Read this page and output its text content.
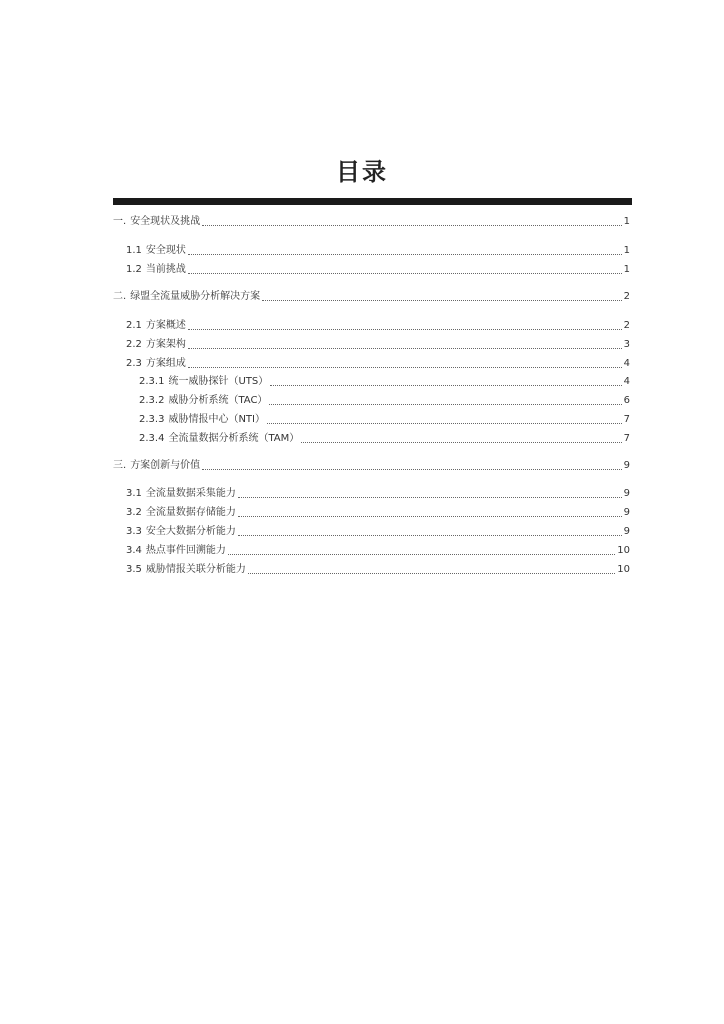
目录
一. 安全现状及挑战	1
1.1 安全现状	1
1.2 当前挑战	1
二. 绿盟全流量威胁分析解决方案	2
2.1 方案概述	2
2.2 方案架构	3
2.3 方案组成	4
2.3.1 统一威胁探针（UTS）	4
2.3.2 威胁分析系统（TAC）	6
2.3.3 威胁情报中心（NTI）	7
2.3.4 全流量数据分析系统（TAM）	7
三. 方案创新与价值	9
3.1 全流量数据采集能力	9
3.2 全流量数据存储能力	9
3.3 安全大数据分析能力	9
3.4 热点事件回溯能力	10
3.5 威胁情报关联分析能力	10
